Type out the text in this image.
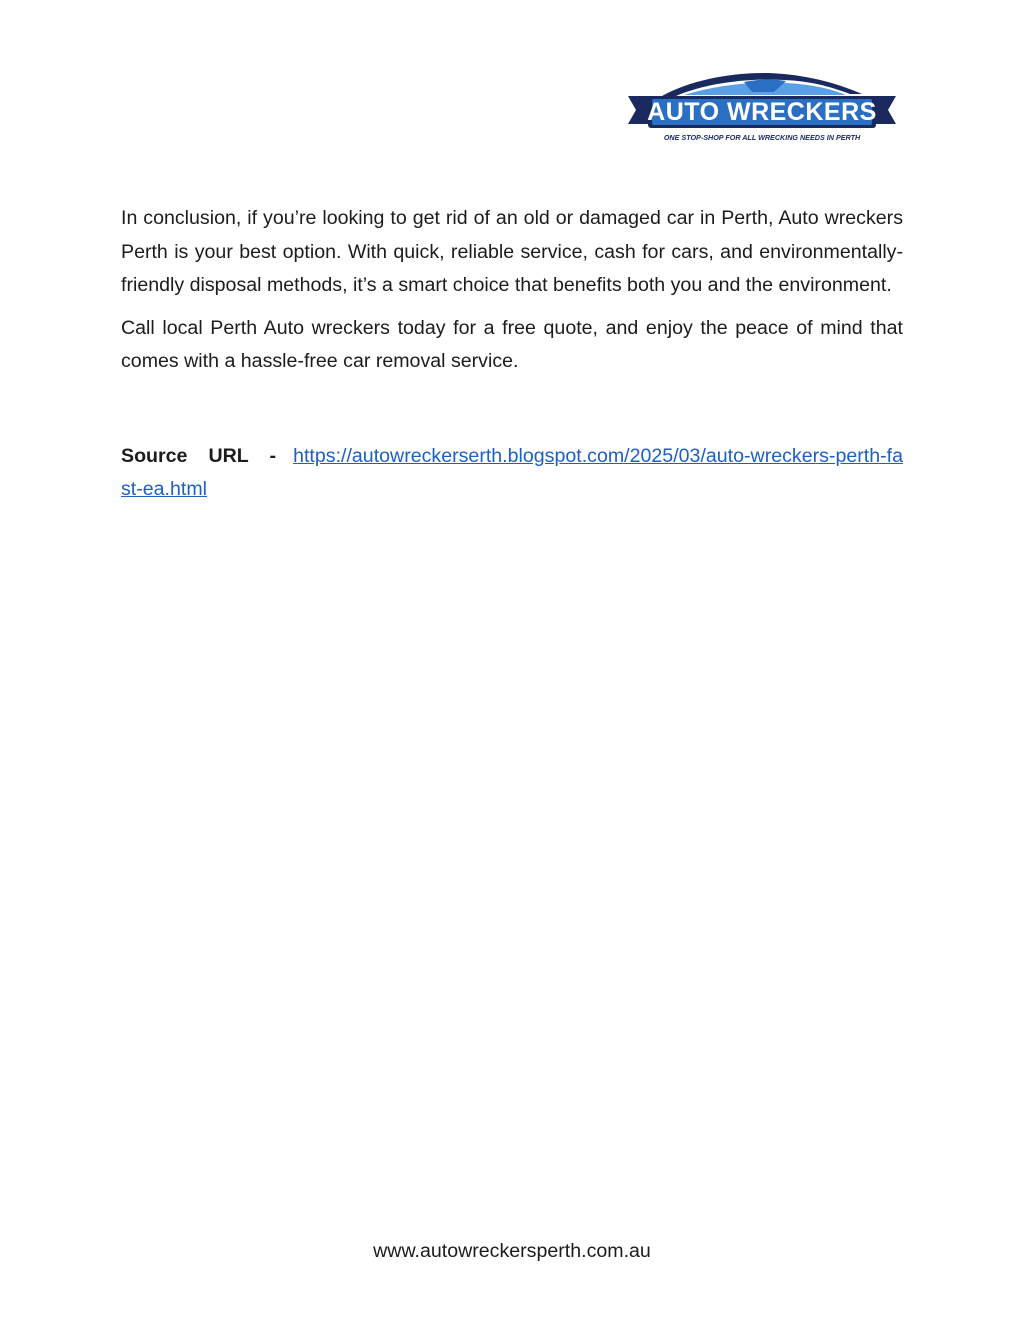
AUTO WRECKERS
ONE STOP-SHOP FOR ALL WRECKING NEEDS IN PERTH

In conclusion, if you’re looking to get rid of an old or damaged car in Perth, Auto wreckers Perth is your best option. With quick, reliable service, cash for cars, and environmentally-friendly disposal methods, it’s a smart choice that benefits both you and the environment.

Call local Perth Auto wreckers today for a free quote, and enjoy the peace of mind that comes with a hassle-free car removal service.

Source URL - https://autowreckerserth.blogspot.com/2025/03/auto-wreckers-perth-fast-ea.html
www.autowreckersperth.com.au
